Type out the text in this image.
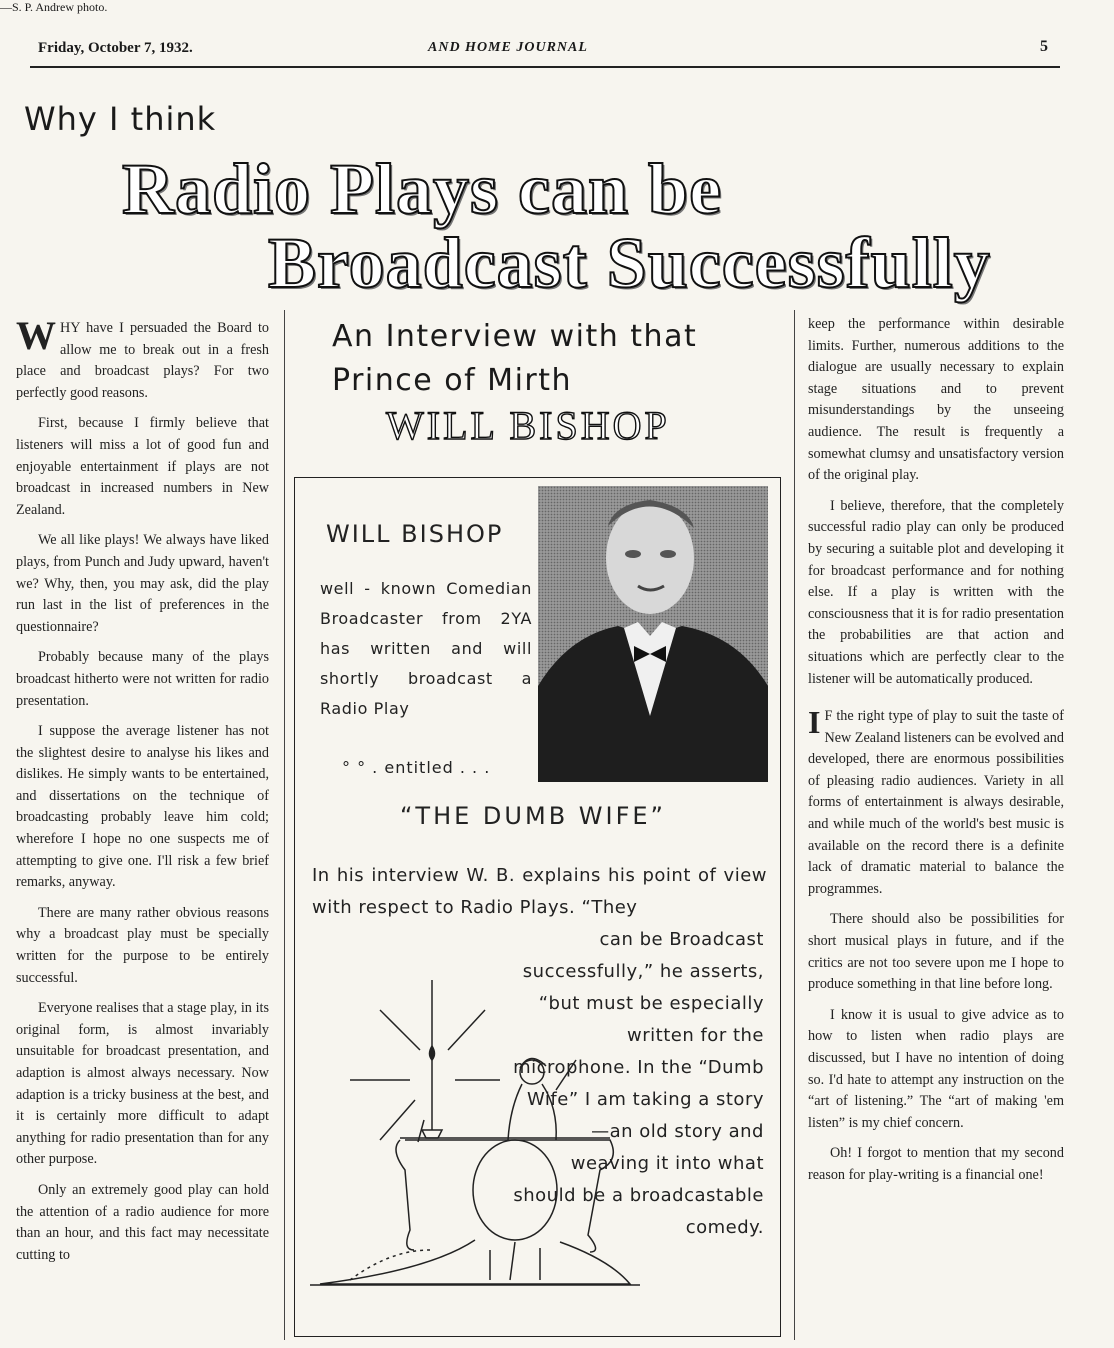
Friday, October 7, 1932.	AND HOME JOURNAL	5
Why I think
Radio Plays can be
Broadcast Successfully

WHY have I persuaded the Board to allow me to break out in a fresh place and broadcast plays? For two perfectly good reasons.

First, because I firmly believe that listeners will miss a lot of good fun and enjoyable entertainment if plays are not broadcast in increased numbers in New Zealand.

We all like plays! We always have liked plays, from Punch and Judy upward, haven't we? Why, then, you may ask, did the play run last in the list of preferences in the questionnaire?

Probably because many of the plays broadcast hitherto were not written for radio presentation.

I suppose the average listener has not the slightest desire to analyse his likes and dislikes. He simply wants to be entertained, and dissertations on the technique of broadcasting probably leave him cold; wherefore I hope no one suspects me of attempting to give one. I'll risk a few brief remarks, anyway.

There are many rather obvious reasons why a broadcast play must be specially written for the purpose to be entirely successful.

Everyone realises that a stage play, in its original form, is almost invariably unsuitable for broadcast presentation, and adaption is almost always necessary. Now adaption is a tricky business at the best, and it is certainly more difficult to adapt anything for radio presentation than for any other purpose.

Only an extremely good play can hold the attention of a radio audience for more than an hour, and this fact may necessitate cutting to

An Interview with that
Prince of Mirth
WILL BISHOP
WILL BISHOP
well - known Comedian Broadcaster from 2YA has written and will shortly broadcast a Radio Play
—S. P. Andrew photo.
° ° . entitled . . .
“THE DUMB WIFE”
In his interview W. B. explains his point of view with respect to Radio Plays. “They
can be Broadcast successfully,” he asserts, “but must be especially written for the microphone. In the “Dumb Wife” I am taking a story —an old story and weaving it into what should be a broadcastable comedy.

keep the performance within desirable limits. Further, numerous additions to the dialogue are usually necessary to explain stage situations and to prevent misunderstandings by the unseeing audience. The result is frequently a somewhat clumsy and unsatisfactory version of the original play.

I believe, therefore, that the completely successful radio play can only be produced by securing a suitable plot and developing it for broadcast performance and for nothing else. If a play is written with the consciousness that it is for radio presentation the probabilities are that action and situations which are perfectly clear to the listener will be automatically produced.

I F the right type of play to suit the taste of New Zealand listeners can be evolved and developed, there are enormous possibilities of pleasing radio audiences. Variety in all forms of entertainment is always desirable, and while much of the world's best music is available on the record there is a definite lack of dramatic material to balance the programmes.

There should also be possibilities for short musical plays in future, and if the critics are not too severe upon me I hope to produce something in that line before long.

I know it is usual to give advice as to how to listen when radio plays are discussed, but I have no intention of doing so. I'd hate to attempt any instruction on the “art of listening.” The “art of making 'em listen” is my chief concern.

Oh! I forgot to mention that my second reason for play-writing is a financial one!
